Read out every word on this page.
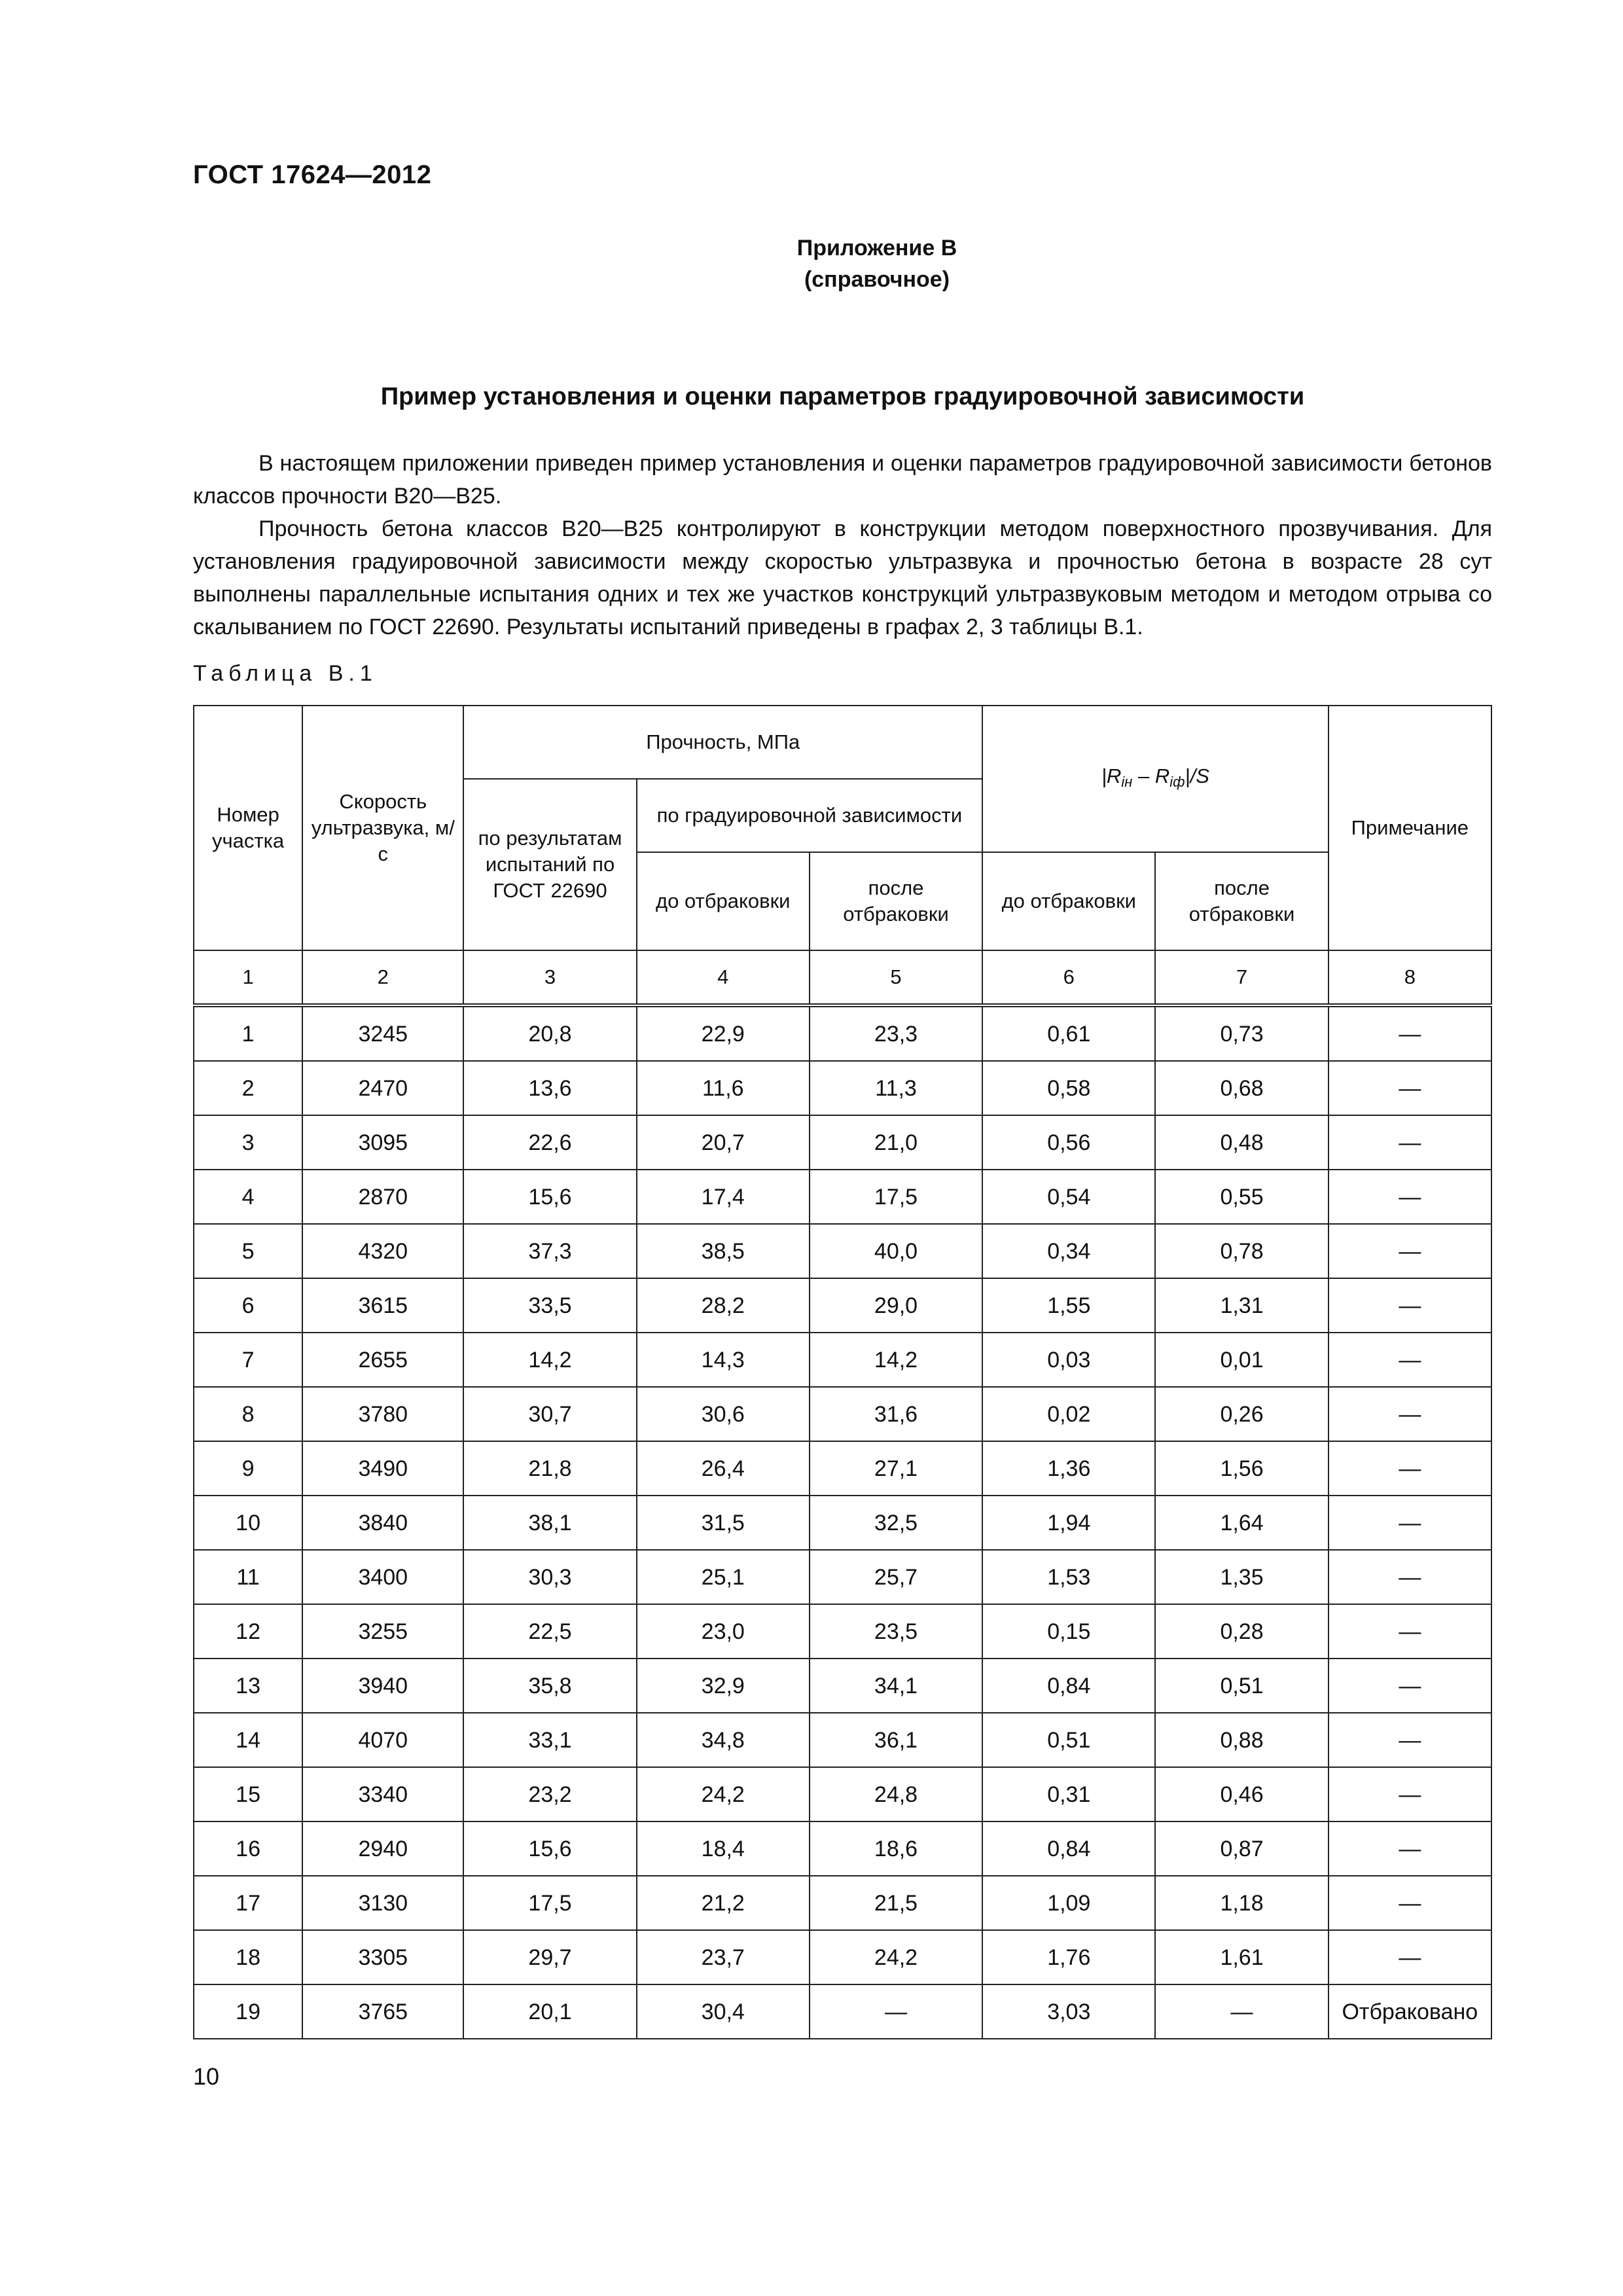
ГОСТ 17624—2012
Приложение В
(справочное)
Пример установления и оценки параметров градуировочной зависимости

В настоящем приложении приведен пример установления и оценки параметров градуировочной зависимости бетонов классов прочности В20—В25.

Прочность бетона классов В20—В25 контролируют в конструкции методом поверхностного прозвучивания. Для установления градуировочной зависимости между скоростью ультразвука и прочностью бетона в возрасте 28 сут выполнены параллельные испытания одних и тех же участков конструкций ультразвуковым методом и методом отрыва со скалыванием по ГОСТ 22690. Результаты испытаний приведены в графах 2, 3 таблицы В.1.

Таблица В.1
Номер участка	Скорость ультразвука, м/с	Прочность, МПа			$|R_{iн} - R_{iф}|/S$		Примечание
		по результатам испытаний по ГОСТ 22690	по градуировочной зависимости				
			до отбраковки	после отбраковки	до отбраковки	после отбраковки	
1	2	3	4	5	6	7	8
1	3245	20,8	22,9	23,3	0,61	0,73	—
2	2470	13,6	11,6	11,3	0,58	0,68	—
3	3095	22,6	20,7	21,0	0,56	0,48	—
4	2870	15,6	17,4	17,5	0,54	0,55	—
5	4320	37,3	38,5	40,0	0,34	0,78	—
6	3615	33,5	28,2	29,0	1,55	1,31	—
7	2655	14,2	14,3	14,2	0,03	0,01	—
8	3780	30,7	30,6	31,6	0,02	0,26	—
9	3490	21,8	26,4	27,1	1,36	1,56	—
10	3840	38,1	31,5	32,5	1,94	1,64	—
11	3400	30,3	25,1	25,7	1,53	1,35	—
12	3255	22,5	23,0	23,5	0,15	0,28	—
13	3940	35,8	32,9	34,1	0,84	0,51	—
14	4070	33,1	34,8	36,1	0,51	0,88	—
15	3340	23,2	24,2	24,8	0,31	0,46	—
16	2940	15,6	18,4	18,6	0,84	0,87	—
17	3130	17,5	21,2	21,5	1,09	1,18	—
18	3305	29,7	23,7	24,2	1,76	1,61	—
19	3765	20,1	30,4	—	3,03	—	Отбраковано
10
